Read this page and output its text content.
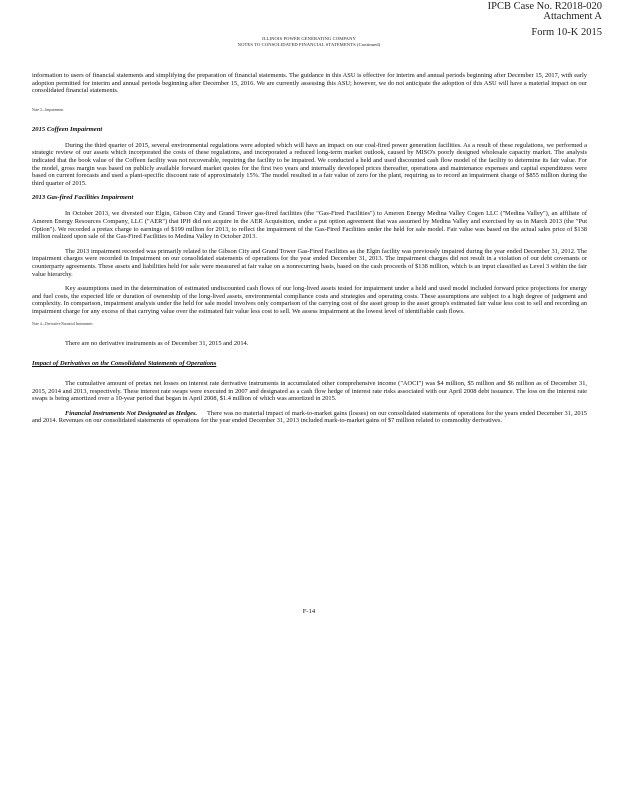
IPCB Case No. R2018-020
Attachment A
Form 10-K 2015
ILLINOIS POWER GENERATING COMPANY
NOTES TO CONSOLIDATED FINANCIAL STATEMENTS (Continued)

information to users of financial statements and simplifying the preparation of financial statements. The guidance in this ASU is effective for interim and annual periods beginning after December 15, 2017, with early adoption permitted for interim and annual periods beginning after December 15, 2016. We are currently assessing this ASU; however, we do not anticipate the adoption of this ASU will have a material impact on our consolidated financial statements.

Note 3—Impairments
2015 Coffeen Impairment

During the third quarter of 2015, several environmental regulations were adopted which will have an impact on our coal-fired power generation facilities. As a result of these regulations, we performed a strategic review of our assets which incorporated the costs of these regulations, and incorporated a reduced long-term market outlook, caused by MISO's poorly designed wholesale capacity market. The analysis indicated that the book value of the Coffeen facility was not recoverable, requiring the facility to be impaired. We conducted a held and used discounted cash flow model of the facility to determine its fair value. For the model, gross margin was based on publicly available forward market quotes for the first two years and internally developed prices thereafter, operations and maintenance expenses and capital expenditures were based on current forecasts and used a plant-specific discount rate of approximately 15%. The model resulted in a fair value of zero for the plant, requiring us to record an impairment charge of $855 million during the third quarter of 2015.

2013 Gas-fired Facilities Impairment

In October 2013, we divested our Elgin, Gibson City and Grand Tower gas-fired facilities (the "Gas-Fired Facilities") to Ameren Energy Medina Valley Cogen LLC ("Medina Valley"), an affiliate of Ameren Energy Resources Company, LLC ("AER") that IPH did not acquire in the AER Acquisition, under a put option agreement that was assumed by Medina Valley and exercised by us in March 2013 (the "Put Option"). We recorded a pretax charge to earnings of $199 million for 2013, to reflect the impairment of the Gas-Fired Facilities under the held for sale model. Fair value was based on the actual sales price of $138 million realized upon sale of the Gas-Fired Facilities to Medina Valley in October 2013.

The 2013 impairment recorded was primarily related to the Gibson City and Grand Tower Gas-Fired Facilities as the Elgin facility was previously impaired during the year ended December 31, 2012. The impairment charges were recorded in Impairment on our consolidated statements of operations for the year ended December 31, 2013. The impairment charges did not result in a violation of our debt covenants or counterparty agreements. These assets and liabilities held for sale were measured at fair value on a nonrecurring basis, based on the cash proceeds of $138 million, which is an input classified as Level 3 within the fair value hierarchy.

Key assumptions used in the determination of estimated undiscounted cash flows of our long-lived assets tested for impairment under a held and used model included forward price projections for energy and fuel costs, the expected life or duration of ownership of the long-lived assets, environmental compliance costs and strategies and operating costs. These assumptions are subject to a high degree of judgment and complexity. In comparison, impairment analysis under the held for sale model involves only comparison of the carrying cost of the asset group to the asset group's estimated fair value less cost to sell and recording an impairment charge for any excess of that carrying value over the estimated fair value less cost to sell. We assess impairment at the lowest level of identifiable cash flows.

Note 4—Derivative Financial Instruments

There are no derivative instruments as of December 31, 2015 and 2014.

Impact of Derivatives on the Consolidated Statements of Operations

The cumulative amount of pretax net losses on interest rate derivative instruments in accumulated other comprehensive income ("AOCI") was $4 million, $5 million and $6 million as of December 31, 2015, 2014 and 2013, respectively. These interest rate swaps were executed in 2007 and designated as a cash flow hedge of interest rate risks associated with our April 2008 debt issuance. The loss on the interest rate swaps is being amortized over a 10-year period that began in April 2008, $1.4 million of which was amortized in 2015.

Financial Instruments Not Designated as Hedges. There was no material impact of mark-to-market gains (losses) on our consolidated statements of operations for the years ended December 31, 2015 and 2014. Revenues on our consolidated statements of operations for the year ended December 31, 2013 included mark-to-market gains of $7 million related to commodity derivatives.

F-14
